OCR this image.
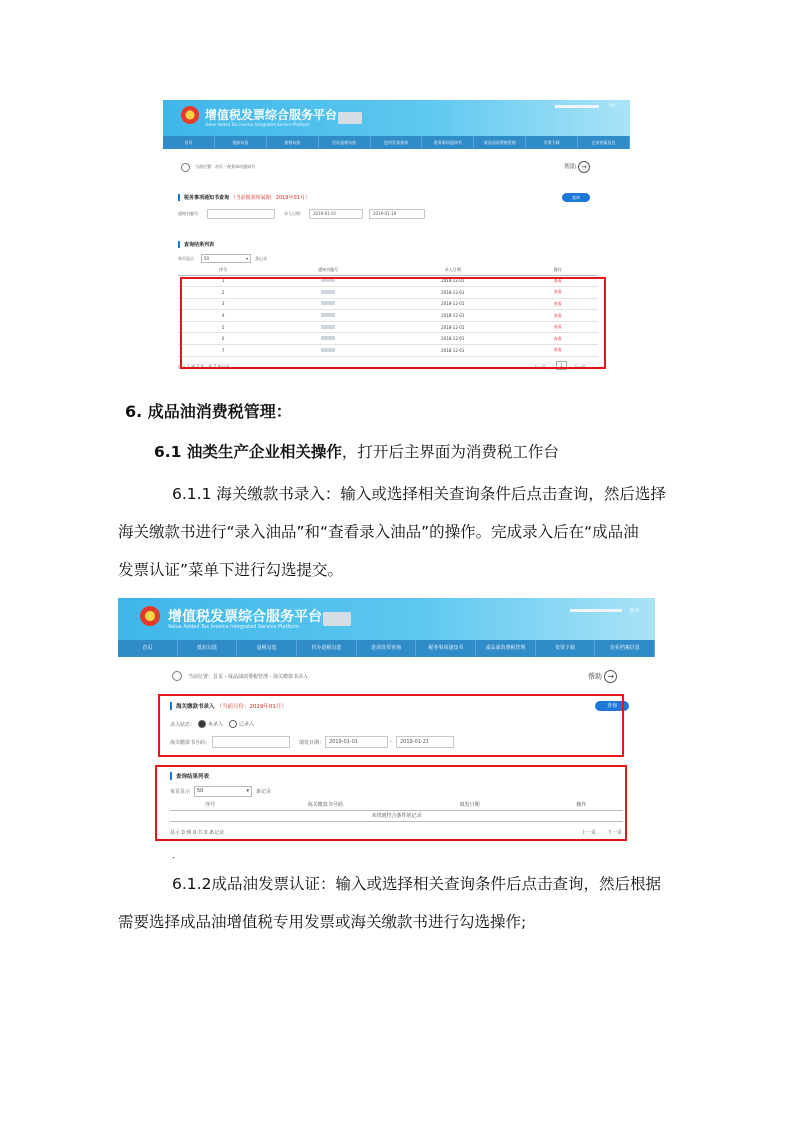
增值税发票综合服务平台
Value Added Tax Invoice Integrated Service Platform
退出
首页	抵扣勾选	退税勾选	代办退税勾选	进项发票查询	税务事项通知书	成品油消费税管理	发票下载	企业档案信息
当前位置：首页 - 税务事项通知书	帮助 →
税务事项通知书查询 （当前税款所属期：2019年01月）	查询
通知书编号：	录入日期：	2019-01-01	2019-01-19
查询结果列表
每页显示	50	▾ 条记录
序号	通知书编号	录入日期	操作
1		2018-12-01	查看
2		2018-12-01	查看
3		2018-12-01	查看
4		2018-12-01	查看
5		2018-12-01	查看
6		2018-12-01	查看
7		2018-12-01	查看
显示 1 到 7 条，共 7 条记录	上一页	1	下一页
6. 成品油消费税管理：
6.1 油类生产企业相关操作，打开后主界面为消费税工作台
6.1.1 海关缴款书录入：输入或选择相关查询条件后点击查询，然后选择
海关缴款书进行“录入油品”和“查看录入油品”的操作。完成录入后在“成品油
发票认证”菜单下进行勾选提交。
增值税发票综合服务平台
Value Added Tax Invoice Integrated Service Platform
退出
首页	抵扣勾选	退税勾选	代办退税勾选	进项发票查询	税务事项通知书	成品油消费税管理	发票下载	企业档案信息
当前位置：首页 - 成品油消费税管理 - 海关缴款书录入	帮助 →
海关缴款书录入 （当前月份：2019年01月）	查询
录入状态：	未录入	已录入
海关缴款书号码：	填发日期： 2019-01-01	-	2019-01-21
查询结果列表
每页显示	50	▾ 条记录
序号	海关缴款书号码	填发日期	操作
未找到符合条件的记录
显示 0 到 0 共 0 条记录	上一页 下一页
-
6.1.2成品油发票认证：输入或选择相关查询条件后点击查询，然后根据
需要选择成品油增值税专用发票或海关缴款书进行勾选操作;
